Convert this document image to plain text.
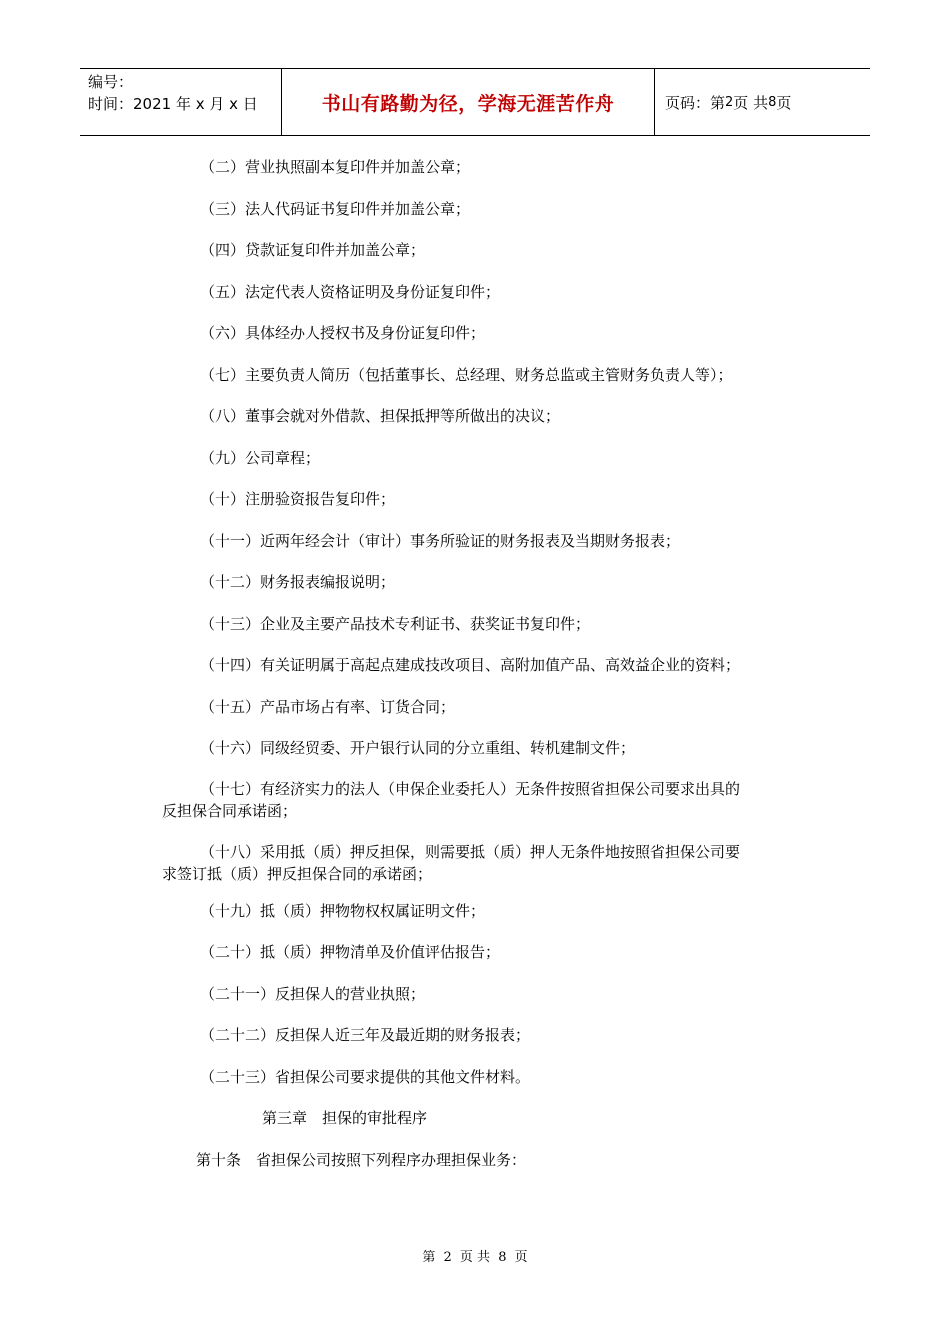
编号：
时间：2021 年 x 月 x 日	书山有路勤为径，学海无涯苦作舟	页码：第 2 页 共 8 页
（二）营业执照副本复印件并加盖公章；
（三）法人代码证书复印件并加盖公章；
（四）贷款证复印件并加盖公章；
（五）法定代表人资格证明及身份证复印件；
（六）具体经办人授权书及身份证复印件；
（七）主要负责人简历（包括董事长、总经理、财务总监或主管财务负责人等）；
（八）董事会就对外借款、担保抵押等所做出的决议；
（九）公司章程；
（十）注册验资报告复印件；
（十一）近两年经会计（审计）事务所验证的财务报表及当期财务报表；
（十二）财务报表编报说明；
（十三）企业及主要产品技术专利证书、获奖证书复印件；
（十四）有关证明属于高起点建成技改项目、高附加值产品、高效益企业的资料；
（十五）产品市场占有率、订货合同；
（十六）同级经贸委、开户银行认同的分立重组、转机建制文件；
（十七）有经济实力的法人（申保企业委托人）无条件按照省担保公司要求出具的
反担保合同承诺函；
（十八）采用抵（质）押反担保，则需要抵（质）押人无条件地按照省担保公司要
求签订抵（质）押反担保合同的承诺函；
（十九）抵（质）押物物权权属证明文件；
（二十）抵（质）押物清单及价值评估报告；
（二十一）反担保人的营业执照；
（二十二）反担保人近三年及最近期的财务报表；
（二十三）省担保公司要求提供的其他文件材料。
第三章　担保的审批程序
第十条　省担保公司按照下列程序办理担保业务：
第 2 页 共 8 页
